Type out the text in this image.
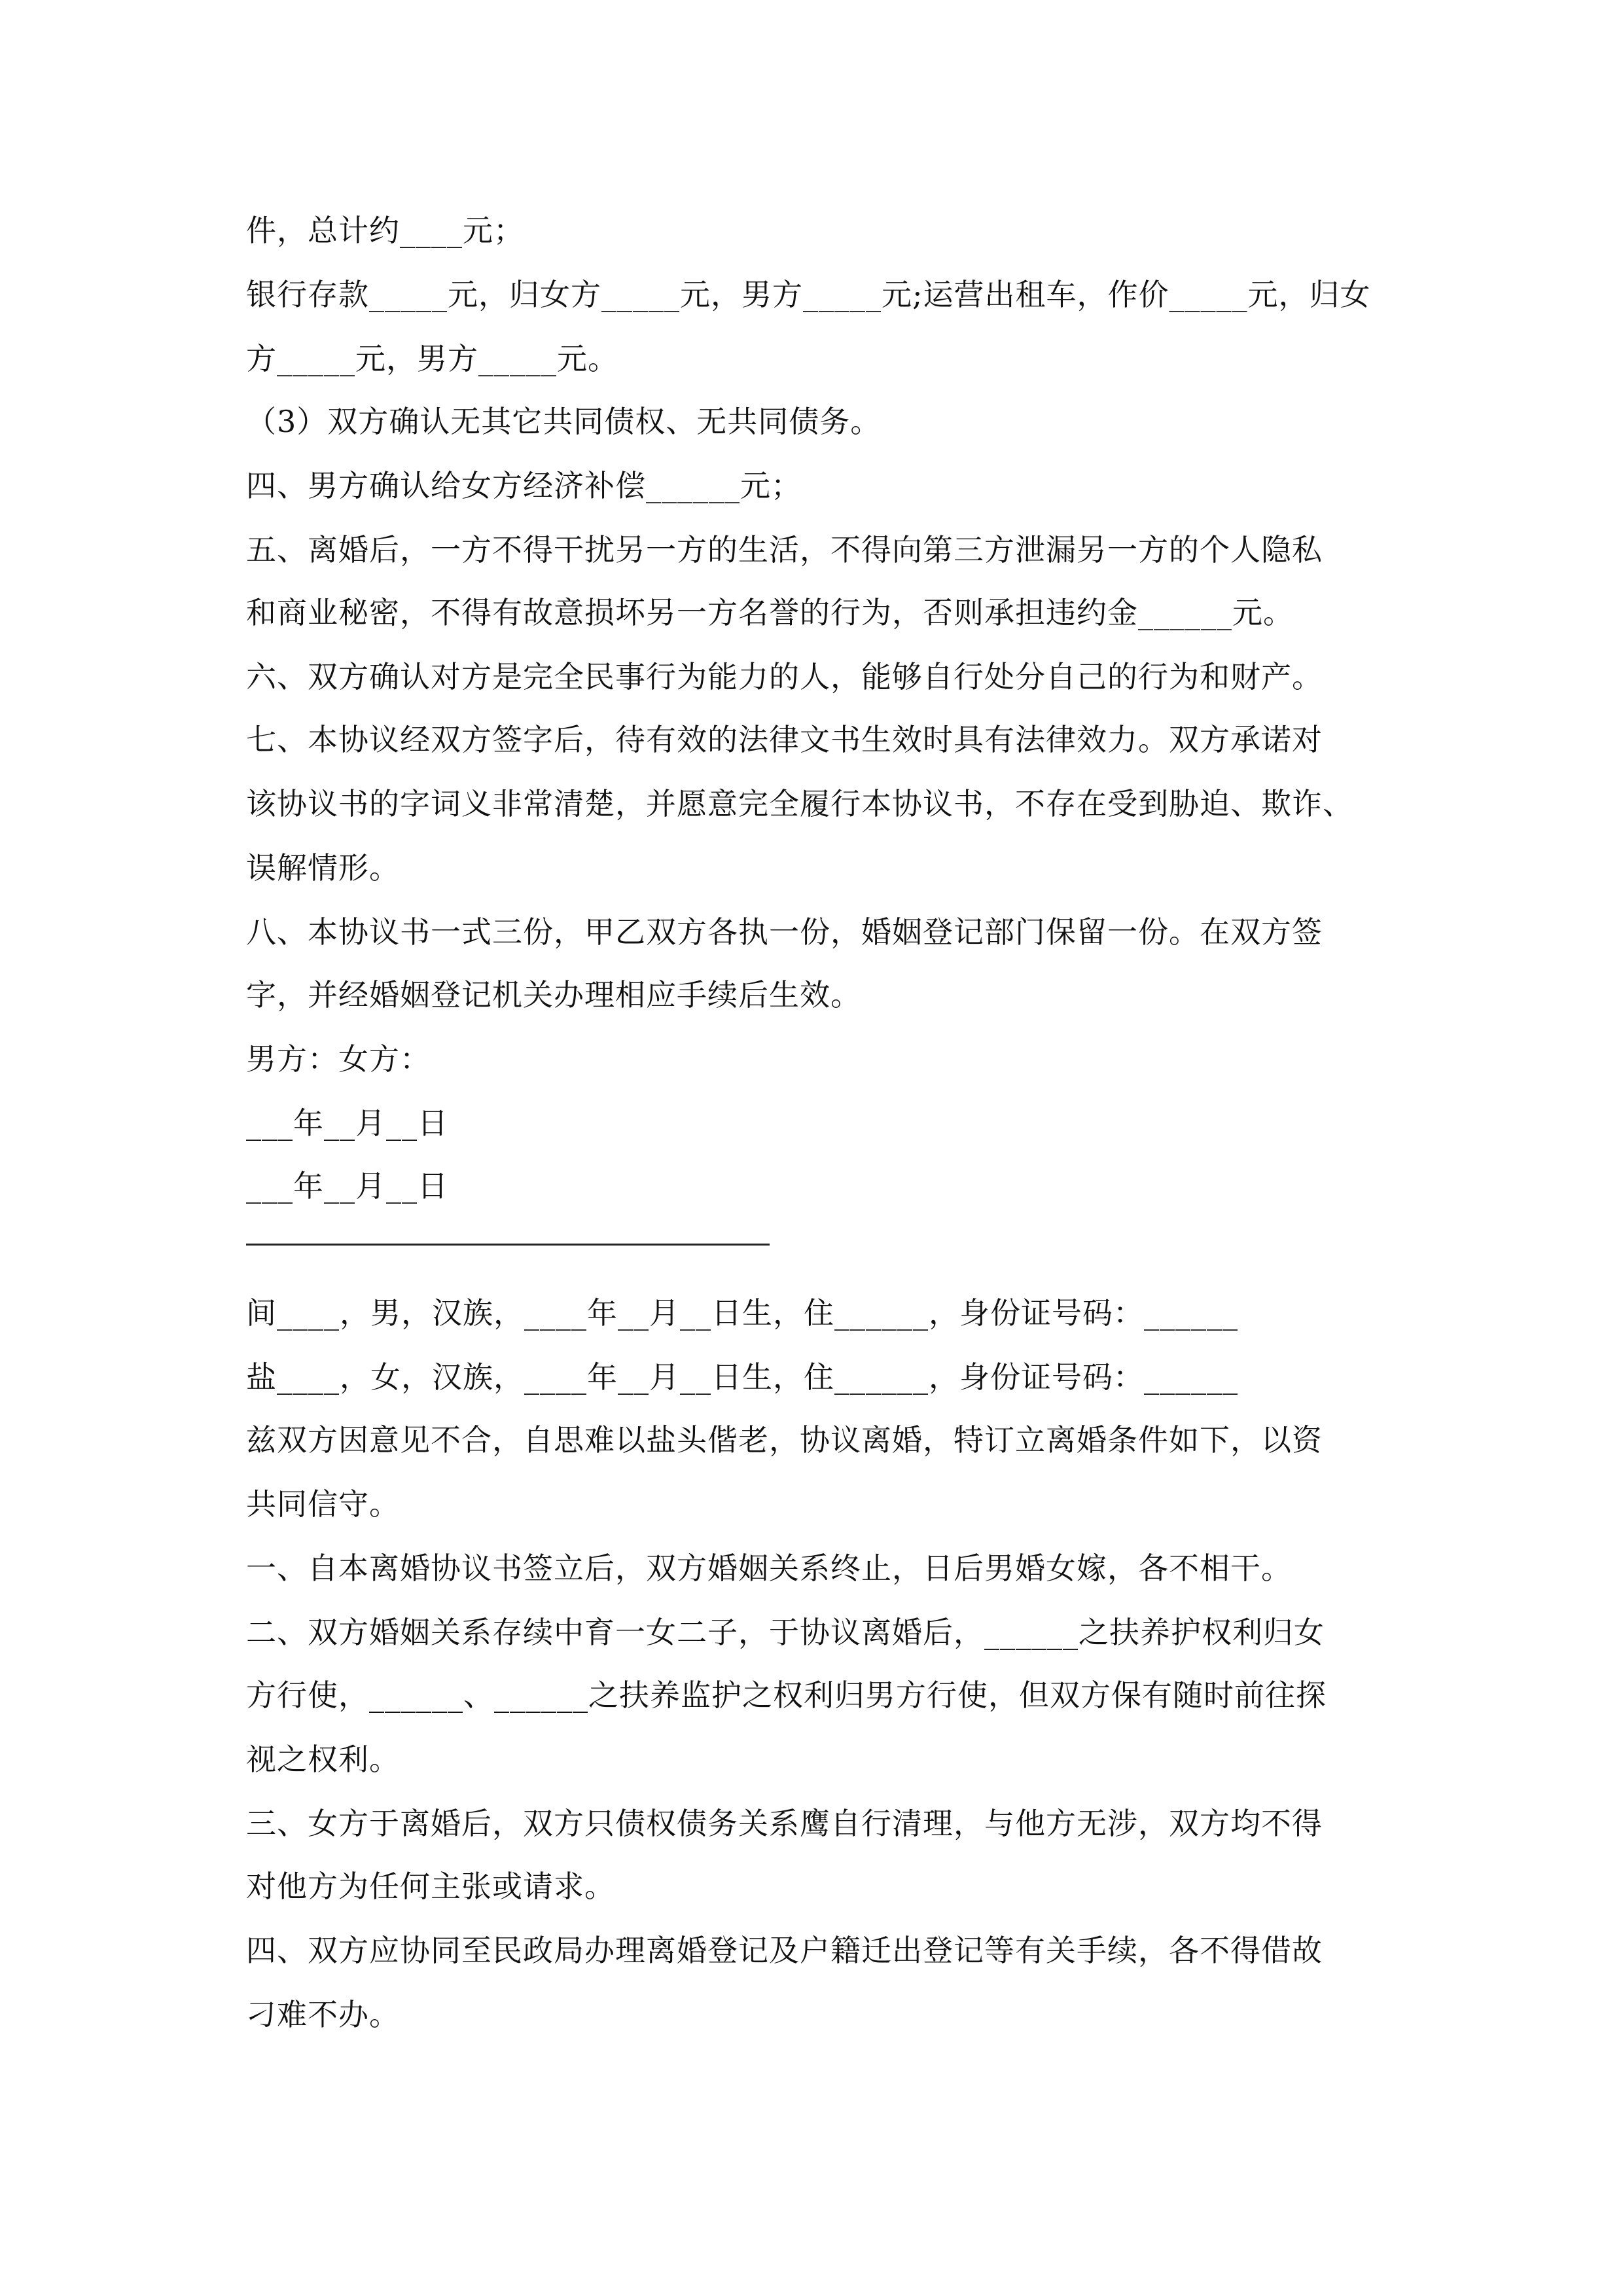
件，总计约____元；
银行存款_____元，归女方_____元，男方_____元;运营出租车，作价_____元，归女
方_____元，男方_____元。
（3）双方确认无其它共同债权、无共同债务。
四、男方确认给女方经济补偿______元；
五、离婚后，一方不得干扰另一方的生活，不得向第三方泄漏另一方的个人隐私
和商业秘密，不得有故意损坏另一方名誉的行为，否则承担违约金______元。
六、双方确认对方是完全民事行为能力的人，能够自行处分自己的行为和财产。
七、本协议经双方签字后，待有效的法律文书生效时具有法律效力。双方承诺对
该协议书的字词义非常清楚，并愿意完全履行本协议书，不存在受到胁迫、欺诈、
误解情形。
八、本协议书一式三份，甲乙双方各执一份，婚姻登记部门保留一份。在双方签
字，并经婚姻登记机关办理相应手续后生效。
男方：女方：
___年__月__日
___年__月__日
间____，男，汉族，____年__月__日生，住______，身份证号码：______
盐____，女，汉族，____年__月__日生，住______，身份证号码：______
兹双方因意见不合，自思难以盐头偕老，协议离婚，特订立离婚条件如下，以资
共同信守。
一、自本离婚协议书签立后，双方婚姻关系终止，日后男婚女嫁，各不相干。
二、双方婚姻关系存续中育一女二子，于协议离婚后，______之扶养护权利归女
方行使，______、______之扶养监护之权利归男方行使，但双方保有随时前往探
视之权利。
三、女方于离婚后，双方只债权债务关系鹰自行清理，与他方无涉，双方均不得
对他方为任何主张或请求。
四、双方应协同至民政局办理离婚登记及户籍迁出登记等有关手续，各不得借故
刁难不办。
